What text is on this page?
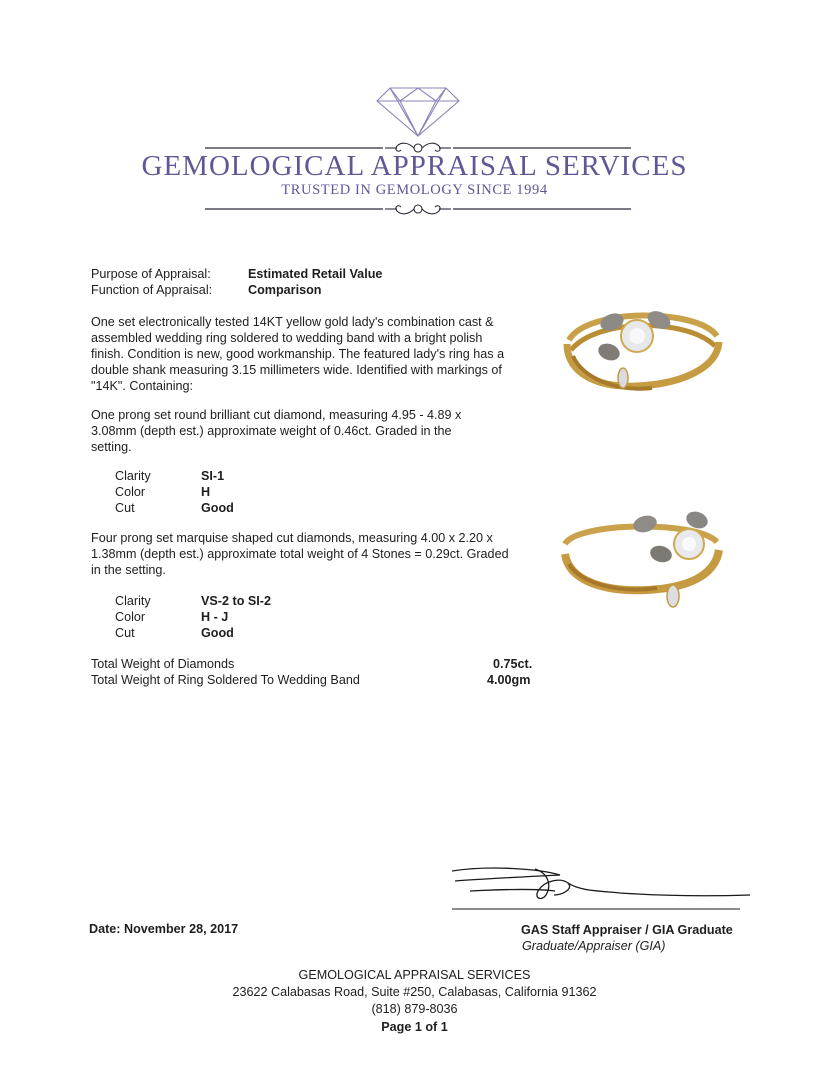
GEMOLOGICAL APPRAISAL SERVICES
TRUSTED IN GEMOLOGY SINCE 1994
Purpose of Appraisal:	Estimated Retail Value
Function of Appraisal:	Comparison
One set electronically tested 14KT yellow gold lady's combination cast & assembled wedding ring soldered to wedding band with a bright polish finish. Condition is new, good workmanship. The featured lady's ring has a double shank measuring 3.15 millimeters wide. Identified with markings of "14K". Containing:
One prong set round brilliant cut diamond, measuring 4.95 - 4.89 x 3.08mm (depth est.) approximate weight of 0.46ct. Graded in the setting.
Clarity	SI-1
Color	H
Cut	Good
Four prong set marquise shaped cut diamonds, measuring 4.00 x 2.20 x 1.38mm (depth est.) approximate total weight of 4 Stones = 0.29ct. Graded in the setting.
Clarity	VS-2 to SI-2
Color	H - J
Cut	Good
Total Weight of Diamonds	0.75ct.
Total Weight of Ring Soldered To Wedding Band	4.00gm
Date: November 28, 2017	GAS Staff Appraiser / GIA Graduate
Graduate/Appraiser (GIA)
GEMOLOGICAL APPRAISAL SERVICES
23622 Calabasas Road, Suite #250, Calabasas, California 91362
(818) 879-8036
Page 1 of 1
